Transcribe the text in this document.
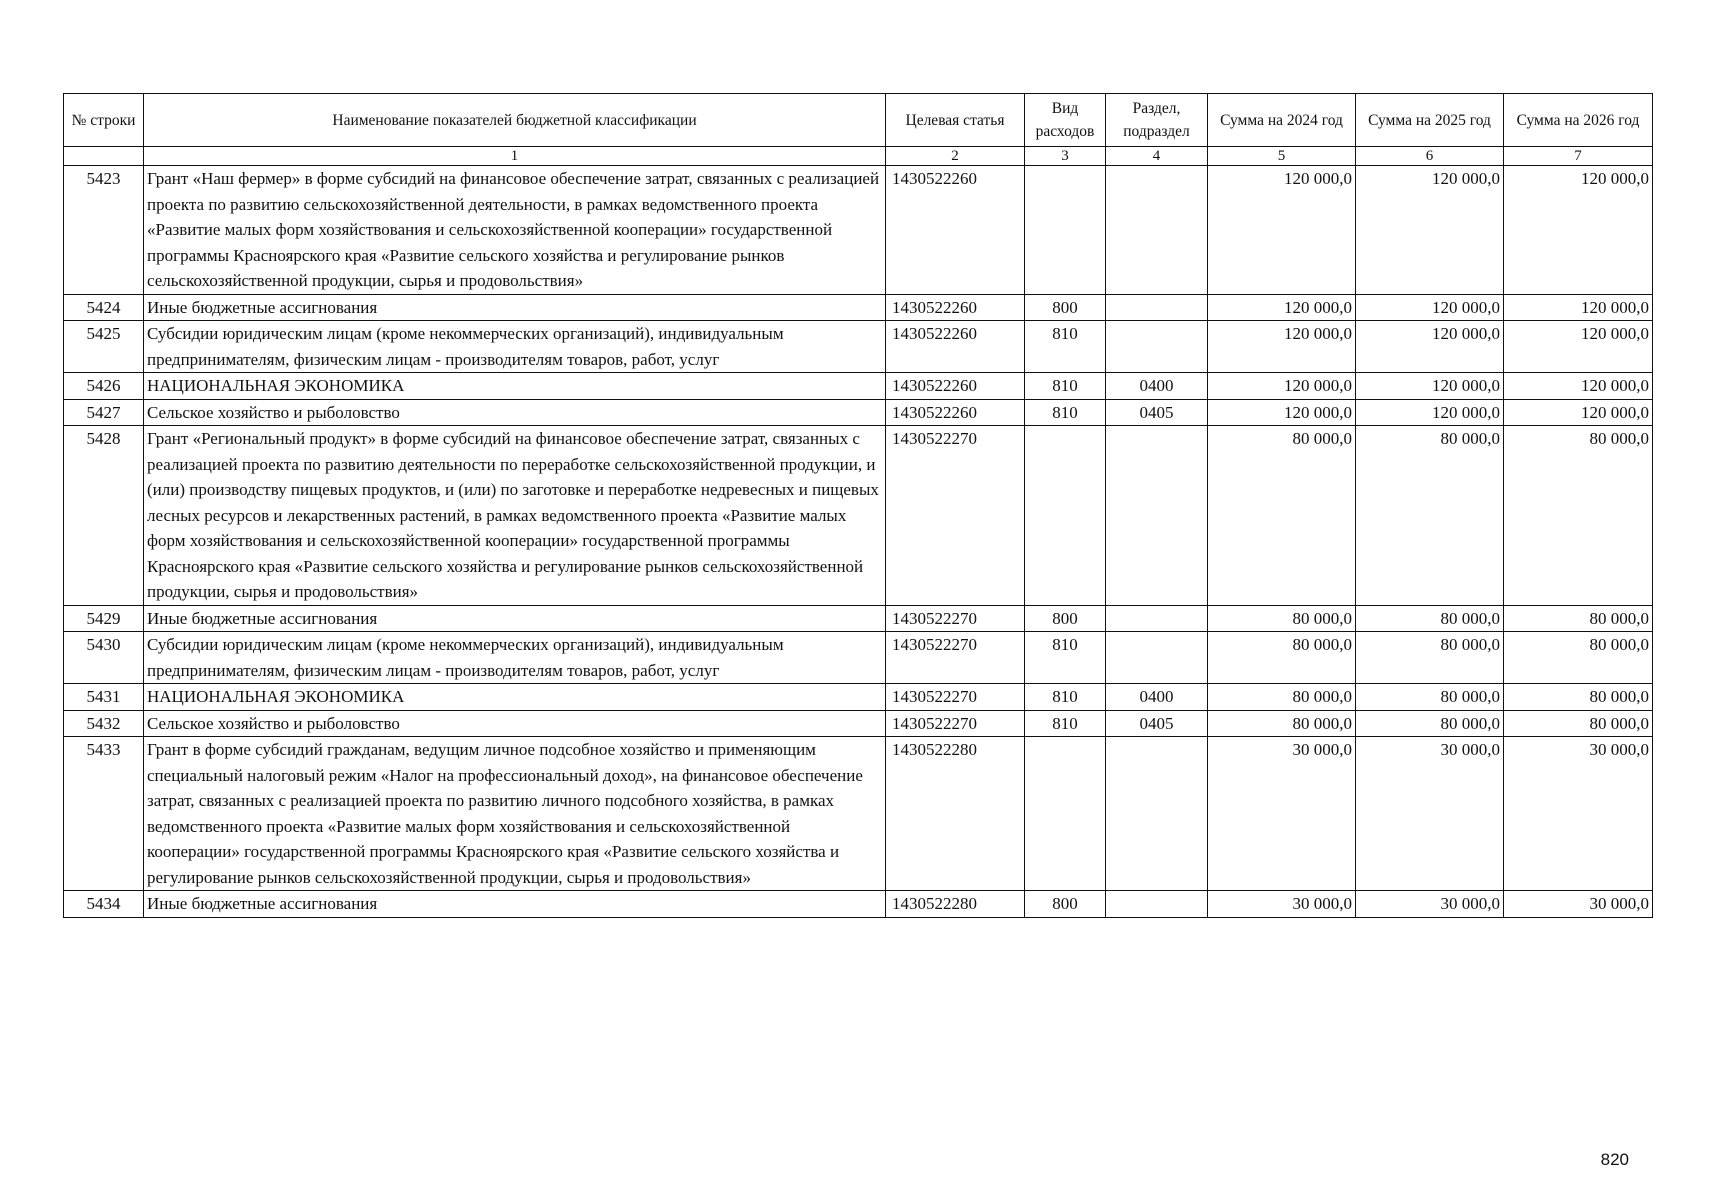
№ строки	Наименование показателей бюджетной классификации	Целевая статья	Вид расходов	Раздел, подраздел	Сумма на 2024 год	Сумма на 2025 год	Сумма на 2026 год
	1	2	3	4	5	6	7
5423	Грант «Наш фермер» в форме субсидий на финансовое обеспечение затрат, связанных с реализацией проекта по развитию сельскохозяйственной деятельности, в рамках ведомственного проекта «Развитие малых форм хозяйствования и сельскохозяйственной кооперации» государственной программы Красноярского края «Развитие сельского хозяйства и регулирование рынков сельскохозяйственной продукции, сырья и продовольствия»	1430522260			120 000,0	120 000,0	120 000,0
5424	Иные бюджетные ассигнования	1430522260	800		120 000,0	120 000,0	120 000,0
5425	Субсидии юридическим лицам (кроме некоммерческих организаций), индивидуальным предпринимателям, физическим лицам - производителям товаров, работ, услуг	1430522260	810		120 000,0	120 000,0	120 000,0
5426	НАЦИОНАЛЬНАЯ ЭКОНОМИКА	1430522260	810	0400	120 000,0	120 000,0	120 000,0
5427	Сельское хозяйство и рыболовство	1430522260	810	0405	120 000,0	120 000,0	120 000,0
5428	Грант «Региональный продукт» в форме субсидий на финансовое обеспечение затрат, связанных с реализацией проекта по развитию деятельности по переработке сельскохозяйственной продукции, и (или) производству пищевых продуктов, и (или) по заготовке и переработке недревесных и пищевых лесных ресурсов и лекарственных растений, в рамках ведомственного проекта «Развитие малых форм хозяйствования и сельскохозяйственной кооперации» государственной программы Красноярского края «Развитие сельского хозяйства и регулирование рынков сельскохозяйственной продукции, сырья и продовольствия»	1430522270			80 000,0	80 000,0	80 000,0
5429	Иные бюджетные ассигнования	1430522270	800		80 000,0	80 000,0	80 000,0
5430	Субсидии юридическим лицам (кроме некоммерческих организаций), индивидуальным предпринимателям, физическим лицам - производителям товаров, работ, услуг	1430522270	810		80 000,0	80 000,0	80 000,0
5431	НАЦИОНАЛЬНАЯ ЭКОНОМИКА	1430522270	810	0400	80 000,0	80 000,0	80 000,0
5432	Сельское хозяйство и рыболовство	1430522270	810	0405	80 000,0	80 000,0	80 000,0
5433	Грант в форме субсидий гражданам, ведущим личное подсобное хозяйство и применяющим специальный налоговый режим «Налог на профессиональный доход», на финансовое обеспечение затрат, связанных с реализацией проекта по развитию личного подсобного хозяйства, в рамках ведомственного проекта «Развитие малых форм хозяйствования и сельскохозяйственной кооперации» государственной программы Красноярского края «Развитие сельского хозяйства и регулирование рынков сельскохозяйственной продукции, сырья и продовольствия»	1430522280			30 000,0	30 000,0	30 000,0
5434	Иные бюджетные ассигнования	1430522280	800		30 000,0	30 000,0	30 000,0
820
